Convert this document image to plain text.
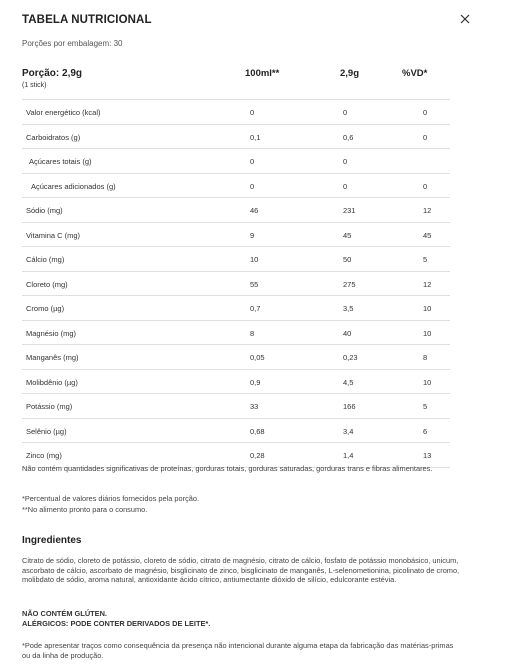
TABELA NUTRICIONAL
Porções por embalagem: 30
Porção: 2,9g
(1 stick)
100ml**	2,9g	%VD*
Valor energético (kcal)	0	0	0
Carboidratos (g)	0,1	0,6	0
Açúcares totais (g)	0	0
Açúcares adicionados (g)	0	0	0
Sódio (mg)	46	231	12
Vitamina C (mg)	9	45	45
Cálcio (mg)	10	50	5
Cloreto (mg)	55	275	12
Cromo (µg)	0,7	3,5	10
Magnésio (mg)	8	40	10
Manganês (mg)	0,05	0,23	8
Molibdênio (µg)	0,9	4,5	10
Potássio (mg)	33	166	5
Selênio (µg)	0,68	3,4	6
Zinco (mg)	0,28	1,4	13
Não contém quantidades significativas de proteínas, gorduras totais, gorduras saturadas, gorduras trans e fibras alimentares.
*Percentual de valores diários fornecidos pela porção.
**No alimento pronto para o consumo.
Ingredientes
Citrato de sódio, cloreto de potássio, cloreto de sódio, citrato de magnésio, citrato de cálcio, fosfato de potássio monobásico, unicum, ascorbato de cálcio, ascorbato de magnésio, bisglicinato de zinco, bisglicinato de manganês, L-selenometionina, picolinato de cromo, molibdato de sódio, aroma natural, antioxidante ácido cítrico, antiumectante dióxido de silício, edulcorante estévia.
NÃO CONTÉM GLÚTEN.
ALÉRGICOS: PODE CONTER DERIVADOS DE LEITE*.
*Pode apresentar traços como consequência da presença não intencional durante alguma etapa da fabricação das matérias-primas ou da linha de produção.
